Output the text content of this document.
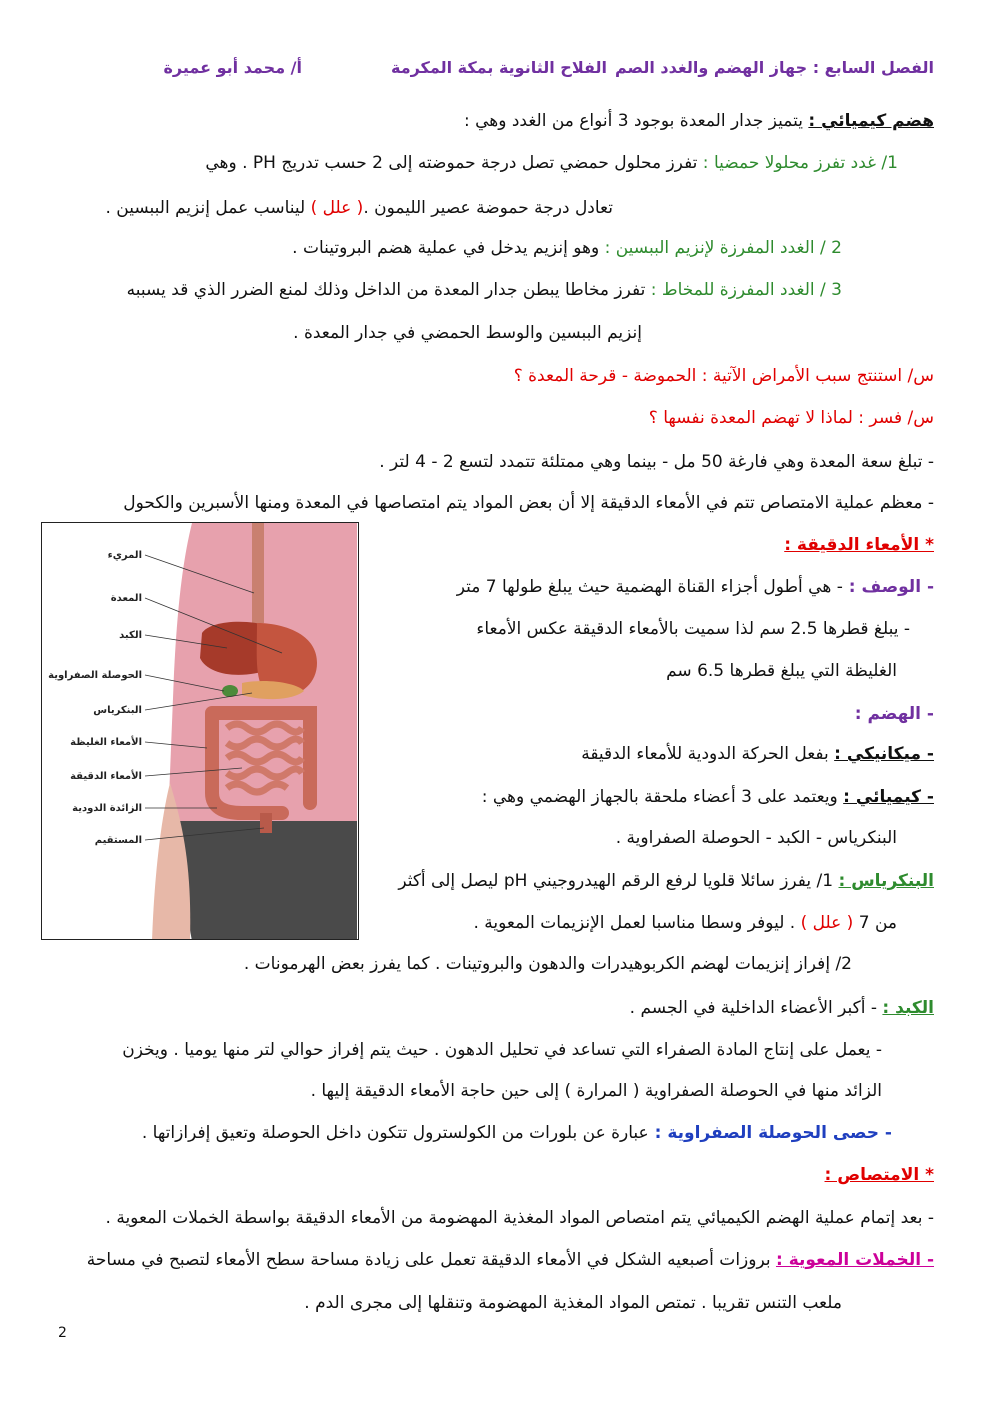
الفصل السابع : جهاز الهضم والغدد الصم
الفلاح الثانوية بمكة المكرمة
أ/ محمد أبو عميرة
هضم كيميائي : يتميز جدار المعدة بوجود 3 أنواع من الغدد وهي :
1/ غدد تفرز محلولا حمضيا : تفرز محلول حمضي تصل درجة حموضته إلى 2 حسب تدريج PH . وهي
تعادل درجة حموضة عصير الليمون .( علل ) ليناسب عمل إنزيم الببسين .
2 / الغدد المفرزة لإنزيم الببسين : وهو إنزيم يدخل في عملية هضم البروتينات .
3 / الغدد المفرزة للمخاط : تفرز مخاطا يبطن جدار المعدة من الداخل وذلك لمنع الضرر الذي قد يسببه
إنزيم الببسين والوسط الحمضي في جدار المعدة .
س/ استنتج سبب الأمراض الآتية : الحموضة - قرحة المعدة ؟
س/ فسر : لماذا لا تهضم المعدة نفسها ؟
- تبلغ سعة المعدة وهي فارغة 50 مل - بينما وهي ممتلئة تتمدد لتسع 2 - 4 لتر .
- معظم عملية الامتصاص تتم في الأمعاء الدقيقة إلا أن بعض المواد يتم امتصاصها في المعدة ومنها الأسبرين والكحول
* الأمعاء الدقيقة :
- الوصف : - هي أطول أجزاء القناة الهضمية حيث يبلغ طولها 7 متر
- يبلغ قطرها 2.5 سم لذا سميت بالأمعاء الدقيقة عكس الأمعاء
الغليظة التي يبلغ قطرها 6.5 سم
- الهضم :
- ميكانيكي : بفعل الحركة الدودية للأمعاء الدقيقة
- كيميائي : ويعتمد على 3 أعضاء ملحقة بالجهاز الهضمي وهي :
البنكرياس - الكبد - الحوصلة الصفراوية .
البنكرياس : 1/ يفرز سائلا قلويا لرفع الرقم الهيدروجيني pH ليصل إلى أكثر
من 7 ( علل ) . ليوفر وسطا مناسبا لعمل الإنزيمات المعوية .
2/ إفراز إنزيمات لهضم الكربوهيدرات والدهون والبروتينات . كما يفرز بعض الهرمونات .
الكبد : - أكبر الأعضاء الداخلية في الجسم .
- يعمل على إنتاج المادة الصفراء التي تساعد في تحليل الدهون . حيث يتم إفراز حوالي لتر منها يوميا . ويخزن
الزائد منها في الحوصلة الصفراوية ( المرارة ) إلى حين حاجة الأمعاء الدقيقة إليها .
- حصى الحوصلة الصفراوية : عبارة عن بلورات من الكولسترول تتكون داخل الحوصلة وتعيق إفرازاتها .
* الامتصاص :
- بعد إتمام عملية الهضم الكيميائي يتم امتصاص المواد المغذية المهضومة من الأمعاء الدقيقة بواسطة الخملات المعوية .
- الخملات المعوية : بروزات أصبعيه الشكل في الأمعاء الدقيقة تعمل على زيادة مساحة سطح الأمعاء لتصبح في مساحة
ملعب التنس تقريبا . تمتص المواد المغذية المهضومة وتنقلها إلى مجرى الدم .
المريء
المعدة
الكبد
الحوصلة الصفراوية
البنكرياس
الأمعاء الغليظة
الأمعاء الدقيقة
الزائدة الدودية
المستقيم
2
